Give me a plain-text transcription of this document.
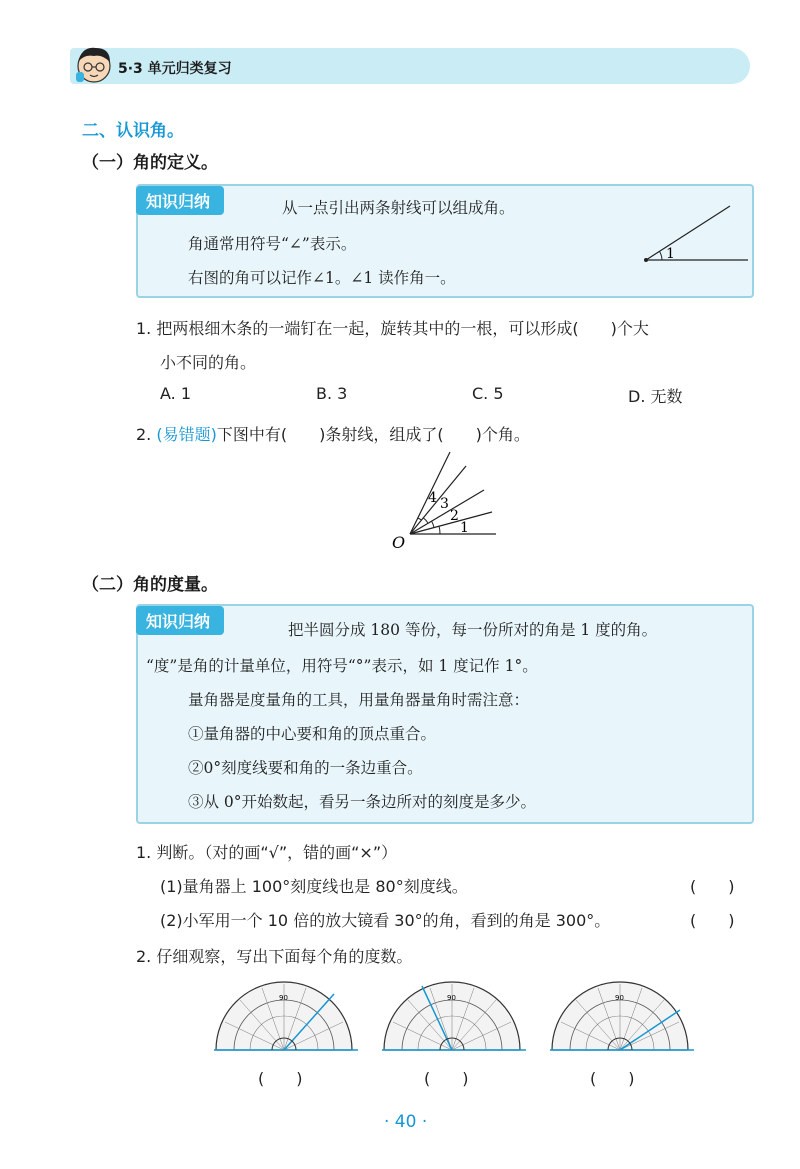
5·3 单元归类复习
二、认识角。
（一）角的定义。
知识归纳	从一点引出两条射线可以组成角。
角通常用符号“∠”表示。
右图的角可以记作∠1。∠1 读作角一。
1
1. 把两根细木条的一端钉在一起，旋转其中的一根，可以形成(　　)个大
小不同的角。
A. 1	B. 3	C. 5	D. 无数
2. (易错题)下图中有(　　)条射线，组成了(　　)个角。
O
1
2
3
4
（二）角的度量。
知识归纳	把半圆分成 180 等份，每一份所对的角是 1 度的角。
“度”是角的计量单位，用符号“°”表示，如 1 度记作 1°。
量角器是度量角的工具，用量角器量角时需注意：
①量角器的中心要和角的顶点重合。
②0°刻度线要和角的一条边重合。
③从 0°开始数起，看另一条边所对的刻度是多少。
1. 判断。（对的画“√”，错的画“×”）
(1)量角器上 100°刻度线也是 80°刻度线。	(　　)
(2)小军用一个 10 倍的放大镜看 30°的角，看到的角是 300°。	(　　)
2. 仔细观察，写出下面每个角的度数。
90	90	90
(　　)	(　　)	(　　)
· 40 ·
